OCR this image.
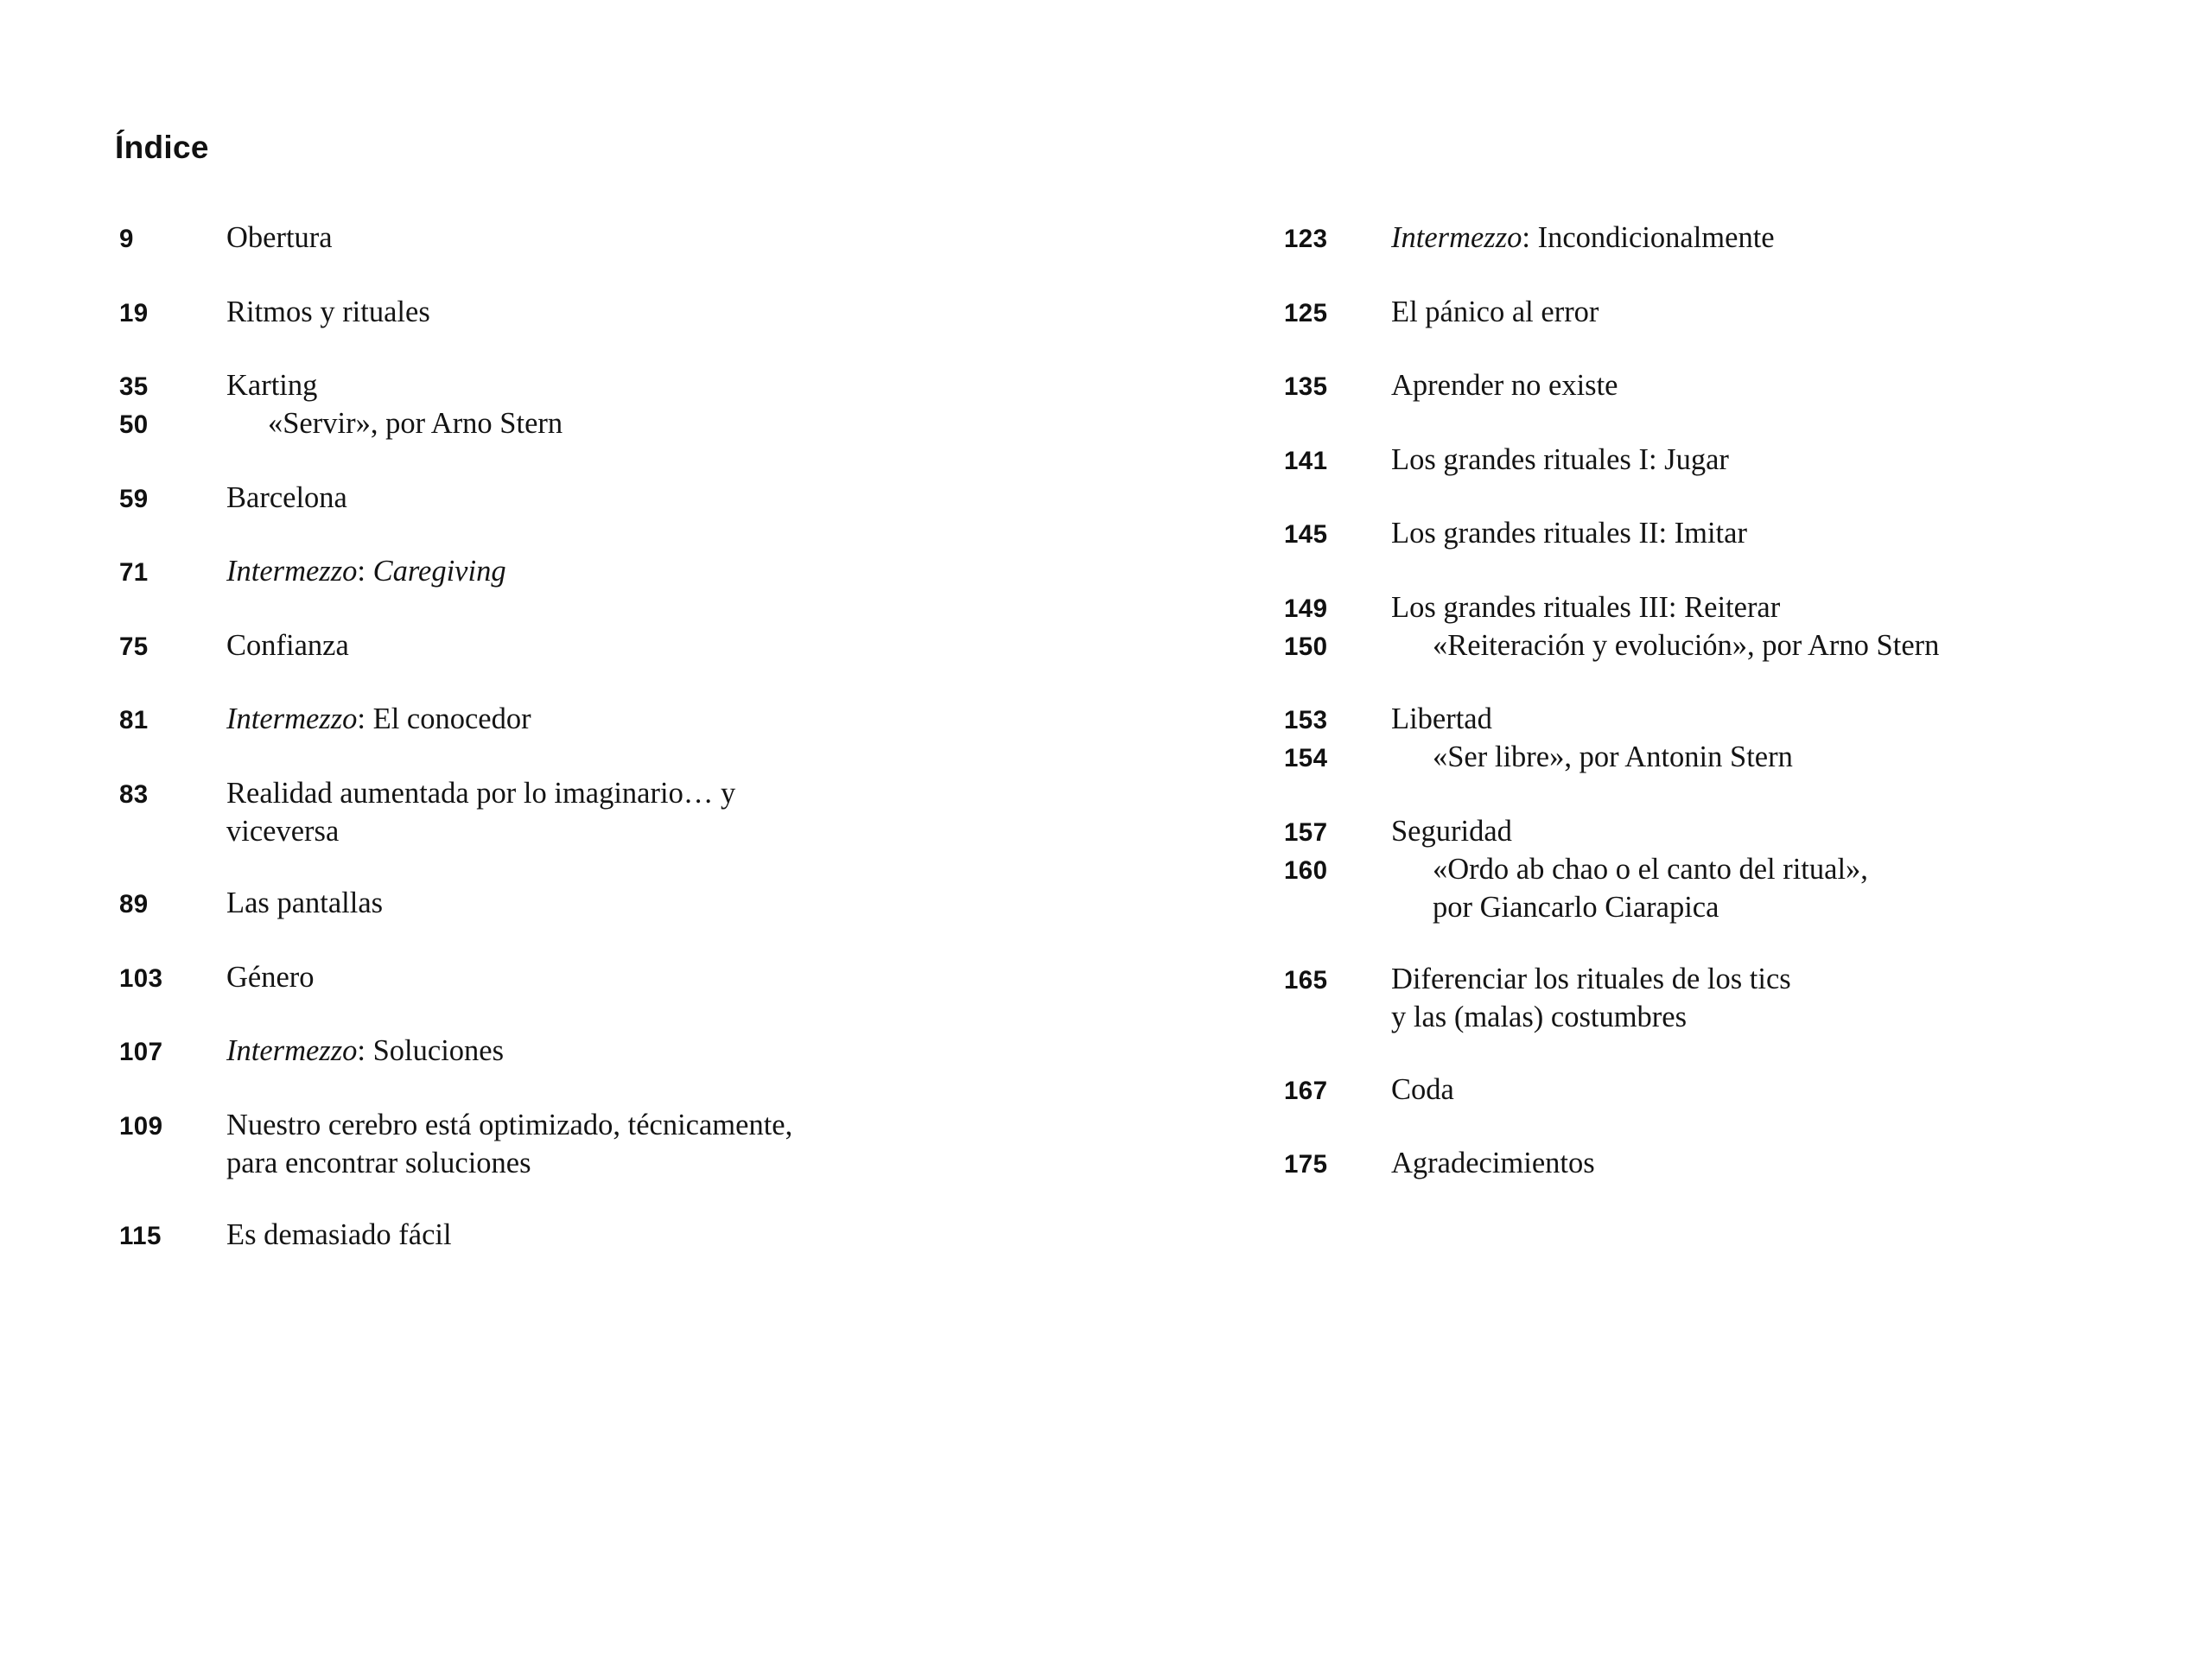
Índice
9	Obertura
19	Ritmos y rituales
35	Karting
50	«Servir», por Arno Stern
59	Barcelona
71	Intermezzo: Caregiving
75	Confianza
81	Intermezzo: El conocedor
83	Realidad aumentada por lo imaginario… y
viceversa
89	Las pantallas
103	Género
107	Intermezzo: Soluciones
109	Nuestro cerebro está optimizado, técnicamente,
para encontrar soluciones
115	Es demasiado fácil
123	Intermezzo: Incondicionalmente
125	El pánico al error
135	Aprender no existe
141	Los grandes rituales I: Jugar
145	Los grandes rituales II: Imitar
149	Los grandes rituales III: Reiterar
150	«Reiteración y evolución», por Arno Stern
153	Libertad
154	«Ser libre», por Antonin Stern
157	Seguridad
160	«Ordo ab chao o el canto del ritual»,
por Giancarlo Ciarapica
165	Diferenciar los rituales de los tics
y las (malas) costumbres
167	Coda
175	Agradecimientos
